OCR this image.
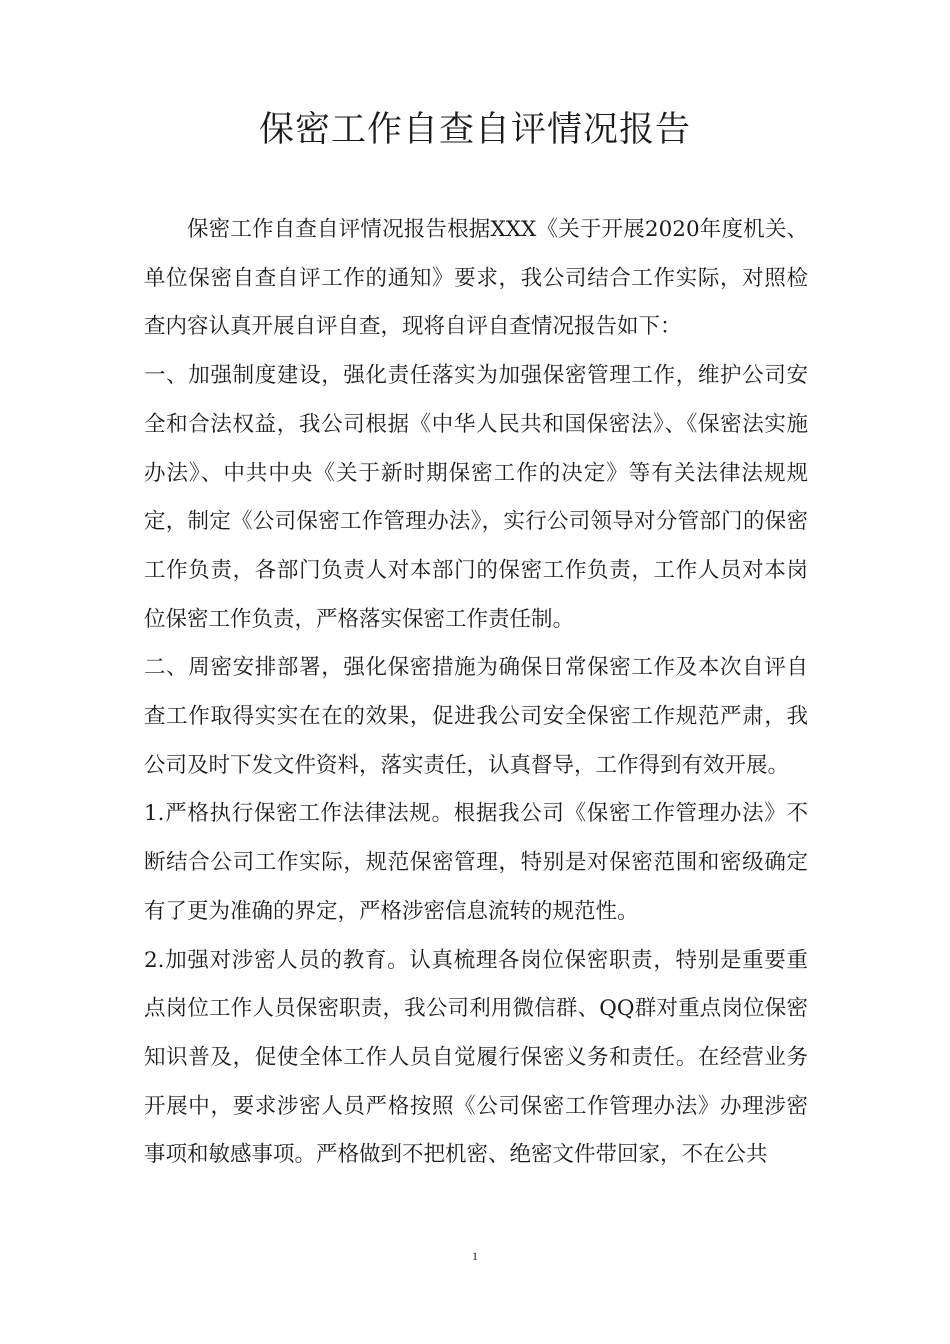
保密工作自查自评情况报告

保密工作自查自评情况报告根据XXX《关于开展2020年度机关、单位保密自查自评工作的通知》要求，我公司结合工作实际，对照检查内容认真开展自评自查，现将自评自查情况报告如下：

一、加强制度建设，强化责任落实为加强保密管理工作，维护公司安全和合法权益，我公司根据《中华人民共和国保密法》、《保密法实施办法》、中共中央《关于新时期保密工作的决定》等有关法律法规规定，制定《公司保密工作管理办法》，实行公司领导对分管部门的保密工作负责，各部门负责人对本部门的保密工作负责，工作人员对本岗位保密工作负责，严格落实保密工作责任制。

二、周密安排部署，强化保密措施为确保日常保密工作及本次自评自查工作取得实实在在的效果，促进我公司安全保密工作规范严肃，我公司及时下发文件资料，落实责任，认真督导，工作得到有效开展。

1.严格执行保密工作法律法规。根据我公司《保密工作管理办法》不断结合公司工作实际，规范保密管理，特别是对保密范围和密级确定有了更为准确的界定，严格涉密信息流转的规范性。

2.加强对涉密人员的教育。认真梳理各岗位保密职责，特别是重要重点岗位工作人员保密职责，我公司利用微信群、QQ群对重点岗位保密知识普及，促使全体工作人员自觉履行保密义务和责任。在经营业务开展中，要求涉密人员严格按照《公司保密工作管理办法》办理涉密事项和敏感事项。严格做到不把机密、绝密文件带回家，不在公共

1
